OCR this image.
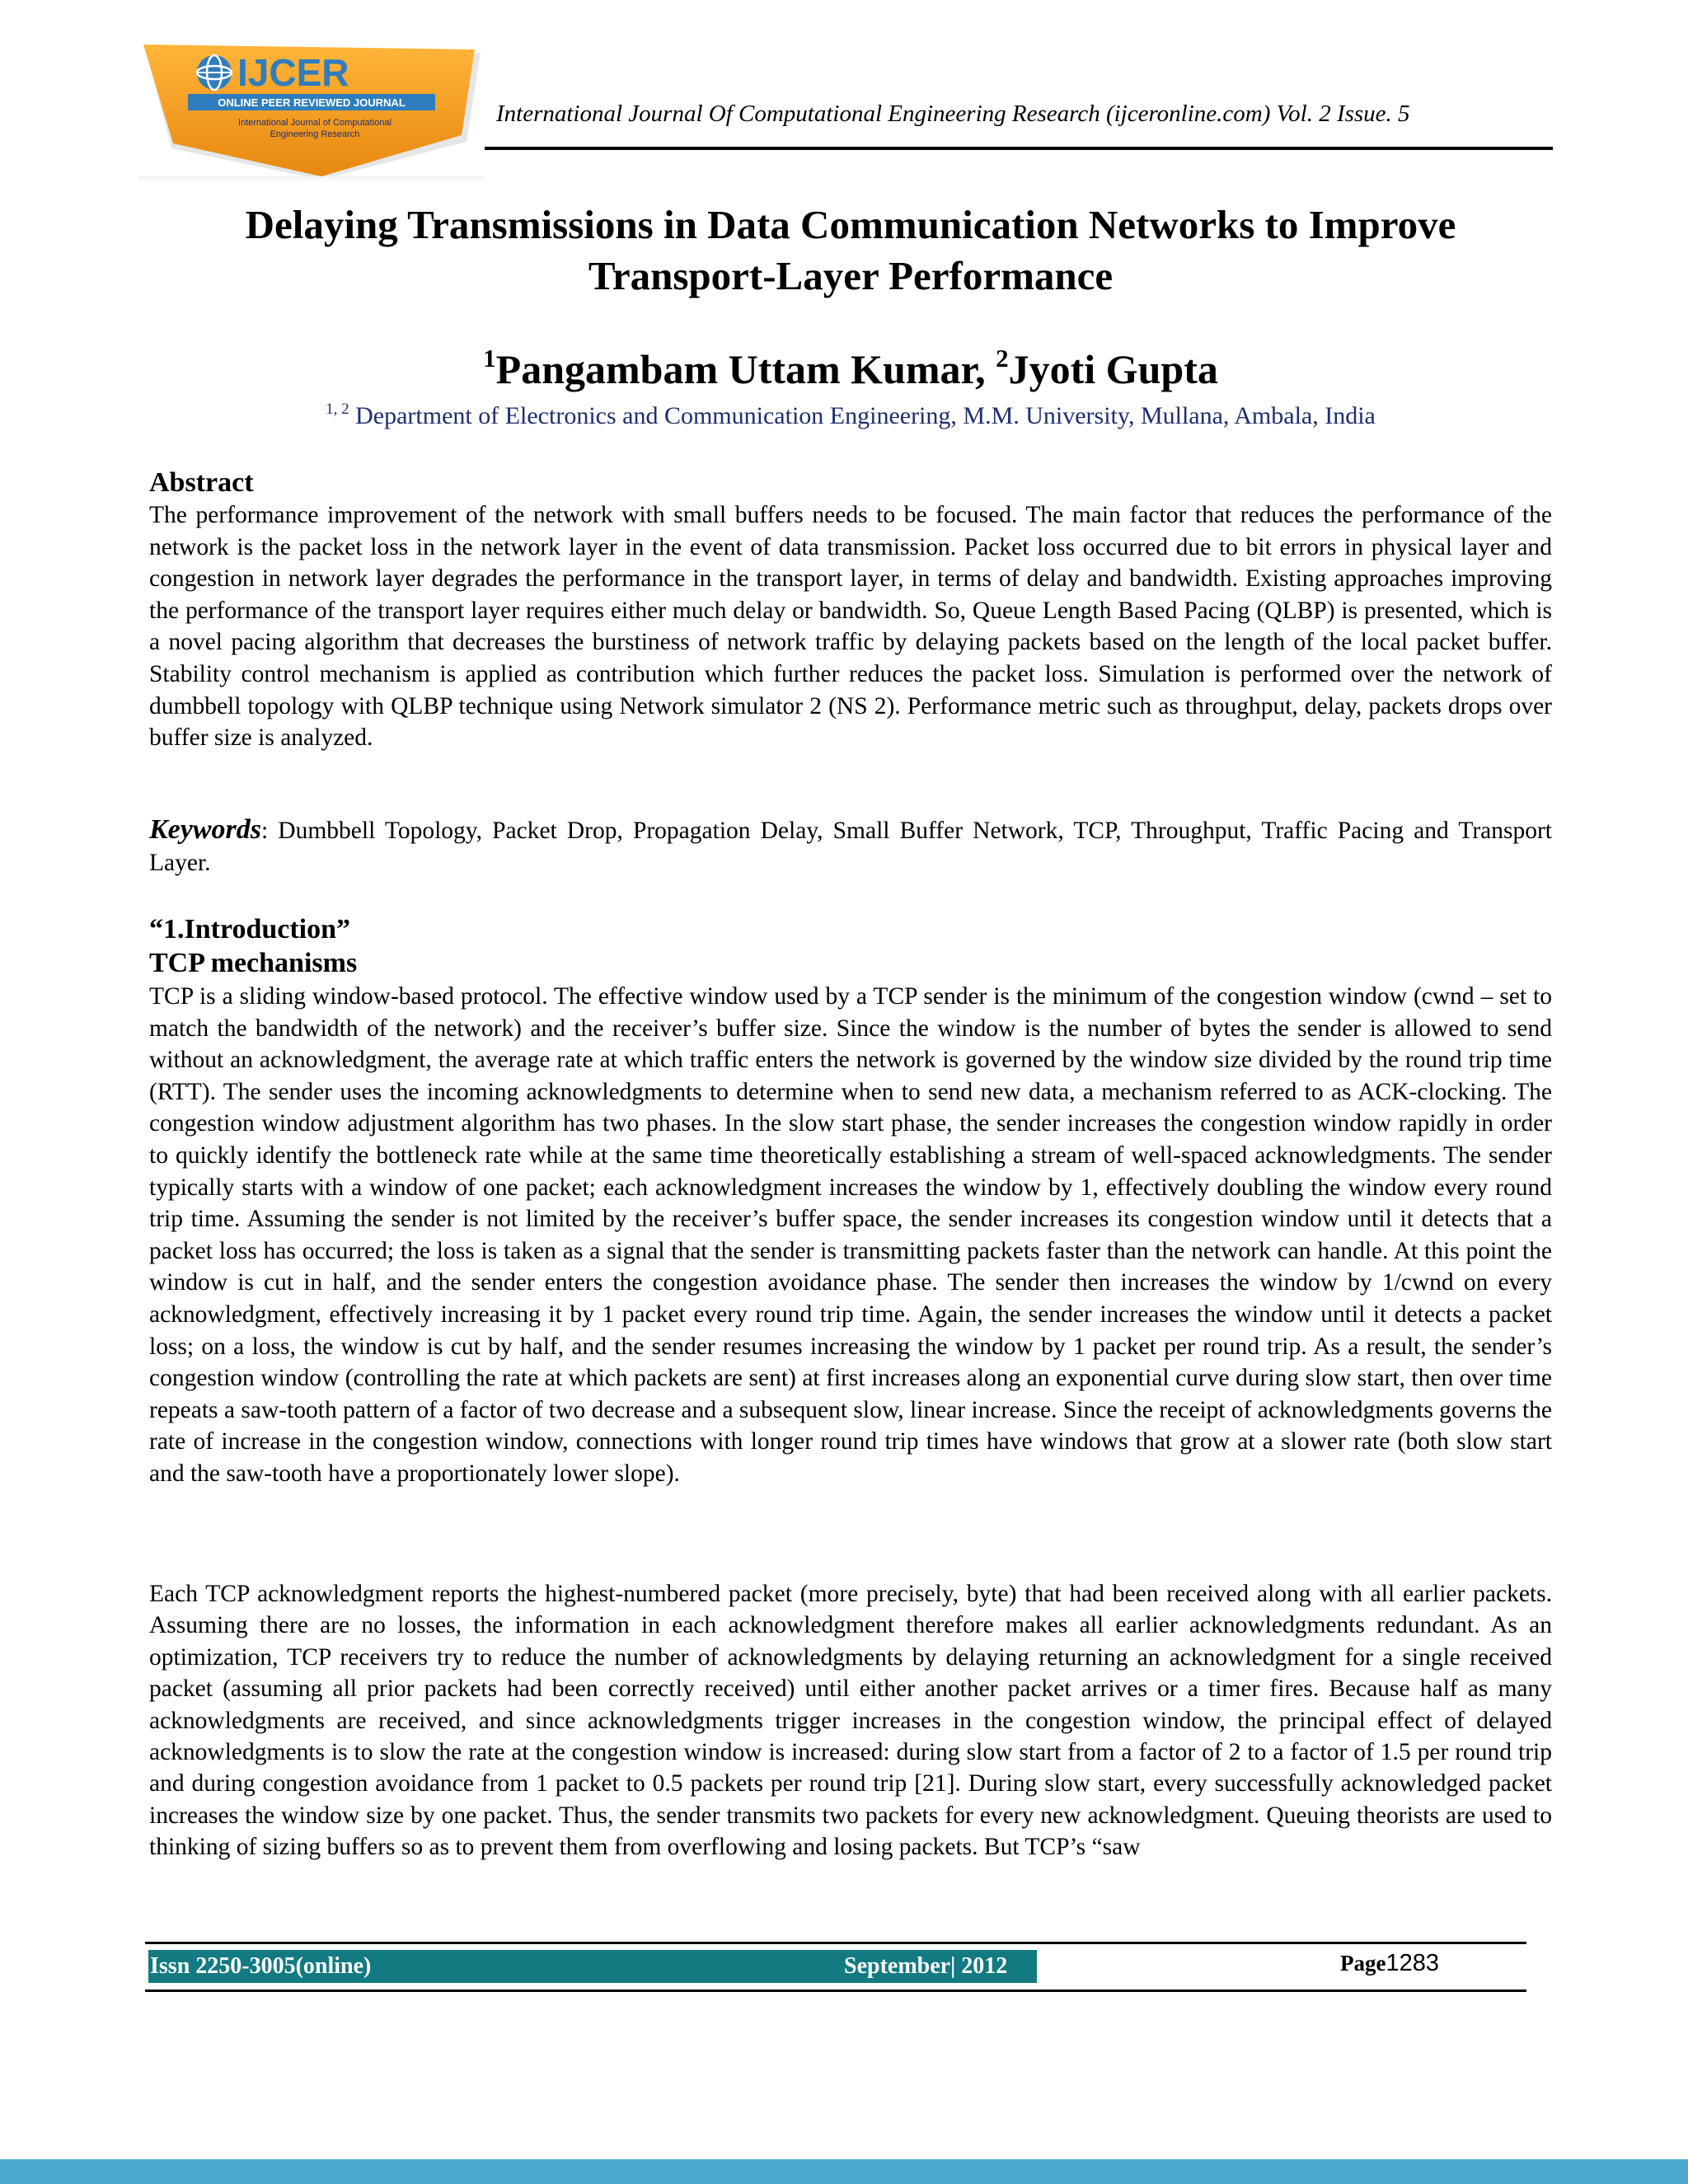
IJCER
ONLINE PEER REVIEWED JOURNAL
International Journal of Computational
Engineering Research
International Journal Of Computational Engineering Research (ijceronline.com) Vol. 2 Issue. 5
Delaying Transmissions in Data Communication Networks to Improve
Transport-Layer Performance

$^1$Pangambam Uttam Kumar, $^2$Jyoti Gupta

$^{1, 2}$ Department of Electronics and Communication Engineering, M.M. University, Mullana, Ambala, India
Abstract

The performance improvement of the network with small buffers needs to be focused. The main factor that reduces the performance of the network is the packet loss in the network layer in the event of data transmission. Packet loss occurred due to bit errors in physical layer and congestion in network layer degrades the performance in the transport layer, in terms of delay and bandwidth. Existing approaches improving the performance of the transport layer requires either much delay or bandwidth. So, Queue Length Based Pacing (QLBP) is presented, which is a novel pacing algorithm that decreases the burstiness of network traffic by delaying packets based on the length of the local packet buffer. Stability control mechanism is applied as contribution which further reduces the packet loss. Simulation is performed over the network of dumbbell topology with QLBP technique using Network simulator 2 (NS 2). Performance metric such as throughput, delay, packets drops over buffer size is analyzed.

Keywords: Dumbbell Topology, Packet Drop, Propagation Delay, Small Buffer Network, TCP, Throughput, Traffic Pacing and Transport Layer.

“1.Introduction”
TCP mechanisms

TCP is a sliding window-based protocol. The effective window used by a TCP sender is the minimum of the congestion window (cwnd – set to match the bandwidth of the network) and the receiver’s buffer size. Since the window is the number of bytes the sender is allowed to send without an acknowledgment, the average rate at which traffic enters the network is governed by the window size divided by the round trip time (RTT). The sender uses the incoming acknowledgments to determine when to send new data, a mechanism referred to as ACK-clocking. The congestion window adjustment algorithm has two phases. In the slow start phase, the sender increases the congestion window rapidly in order to quickly identify the bottleneck rate while at the same time theoretically establishing a stream of well-spaced acknowledgments. The sender typically starts with a window of one packet; each acknowledgment increases the window by 1, effectively doubling the window every round trip time. Assuming the sender is not limited by the receiver’s buffer space, the sender increases its congestion window until it detects that a packet loss has occurred; the loss is taken as a signal that the sender is transmitting packets faster than the network can handle. At this point the window is cut in half, and the sender enters the congestion avoidance phase. The sender then increases the window by 1/cwnd on every acknowledgment, effectively increasing it by 1 packet every round trip time. Again, the sender increases the window until it detects a packet loss; on a loss, the window is cut by half, and the sender resumes increasing the window by 1 packet per round trip. As a result, the sender’s congestion window (controlling the rate at which packets are sent) at first increases along an exponential curve during slow start, then over time repeats a saw-tooth pattern of a factor of two decrease and a subsequent slow, linear increase. Since the receipt of acknowledgments governs the rate of increase in the congestion window, connections with longer round trip times have windows that grow at a slower rate (both slow start and the saw-tooth have a proportionately lower slope).

Each TCP acknowledgment reports the highest-numbered packet (more precisely, byte) that had been received along with all earlier packets. Assuming there are no losses, the information in each acknowledgment therefore makes all earlier acknowledgments redundant. As an optimization, TCP receivers try to reduce the number of acknowledgments by delaying returning an acknowledgment for a single received packet (assuming all prior packets had been correctly received) until either another packet arrives or a timer fires. Because half as many acknowledgments are received, and since acknowledgments trigger increases in the congestion window, the principal effect of delayed acknowledgments is to slow the rate at the congestion window is increased: during slow start from a factor of 2 to a factor of 1.5 per round trip and during congestion avoidance from 1 packet to 0.5 packets per round trip [21]. During slow start, every successfully acknowledged packet increases the window size by one packet. Thus, the sender transmits two packets for every new acknowledgment. Queuing theorists are used to thinking of sizing buffers so as to prevent them from overflowing and losing packets. But TCP’s “saw

Issn 2250-3005(online)	September| 2012	Page1283
